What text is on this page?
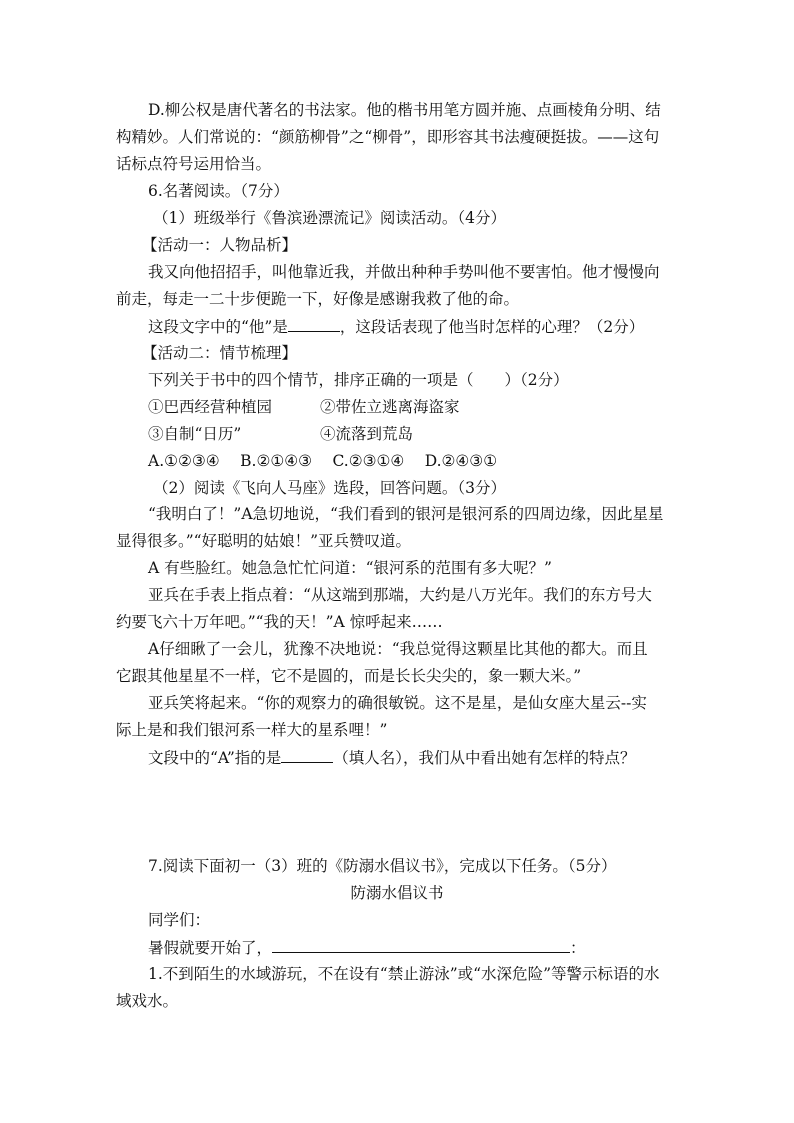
D.柳公权是唐代著名的书法家。他的楷书用笔方圆并施、点画棱角分明、结
构精妙。人们常说的：“颜筋柳骨”之“柳骨”，即形容其书法瘦硬挺拔。——这句
话标点符号运用恰当。
6.名著阅读。（7分）
（1）班级举行《鲁滨逊漂流记》阅读活动。（4分）
【活动一：人物品析】
我又向他招招手，叫他靠近我，并做出种种手势叫他不要害怕。他才慢慢向
前走，每走一二十步便跪一下，好像是感谢我救了他的命。
这段文字中的“他”是	，这段话表现了他当时怎样的心理？（2分）
【活动二：情节梳理】
下列关于书中的四个情节，排序正确的一项是（　　）（2分）
①巴西经营种植园	②带佐立逃离海盗家
③自制“日历”	④流落到荒岛
A.①②③④　 B.②①④③　 C.②③①④　 D.②④③①
（2）阅读《飞向人马座》选段，回答问题。（3分）
“我明白了！”A急切地说，“我们看到的银河是银河系的四周边缘，因此星星
显得很多。”“好聪明的姑娘！”亚兵赞叹道。
A 有些脸红。她急急忙忙问道：“银河系的范围有多大呢？”
亚兵在手表上指点着：“从这端到那端，大约是八万光年。我们的东方号大
约要飞六十万年吧。”“我的天！”A 惊呼起来……
A仔细瞅了一会儿，犹豫不决地说：“我总觉得这颗星比其他的都大。而且
它跟其他星星不一样，它不是圆的，而是长长尖尖的，象一颗大米。”
亚兵笑将起来。“你的观察力的确很敏锐。这不是星，是仙女座大星云--实
际上是和我们银河系一样大的星系哩！”
文段中的“A”指的是	（填人名），我们从中看出她有怎样的特点？
7.阅读下面初一（3）班的《防溺水倡议书》，完成以下任务。（5分）
防溺水倡议书
同学们：
暑假就要开始了，	：
1.不到陌生的水域游玩，不在设有“禁止游泳”或“水深危险”等警示标语的水
域戏水。
